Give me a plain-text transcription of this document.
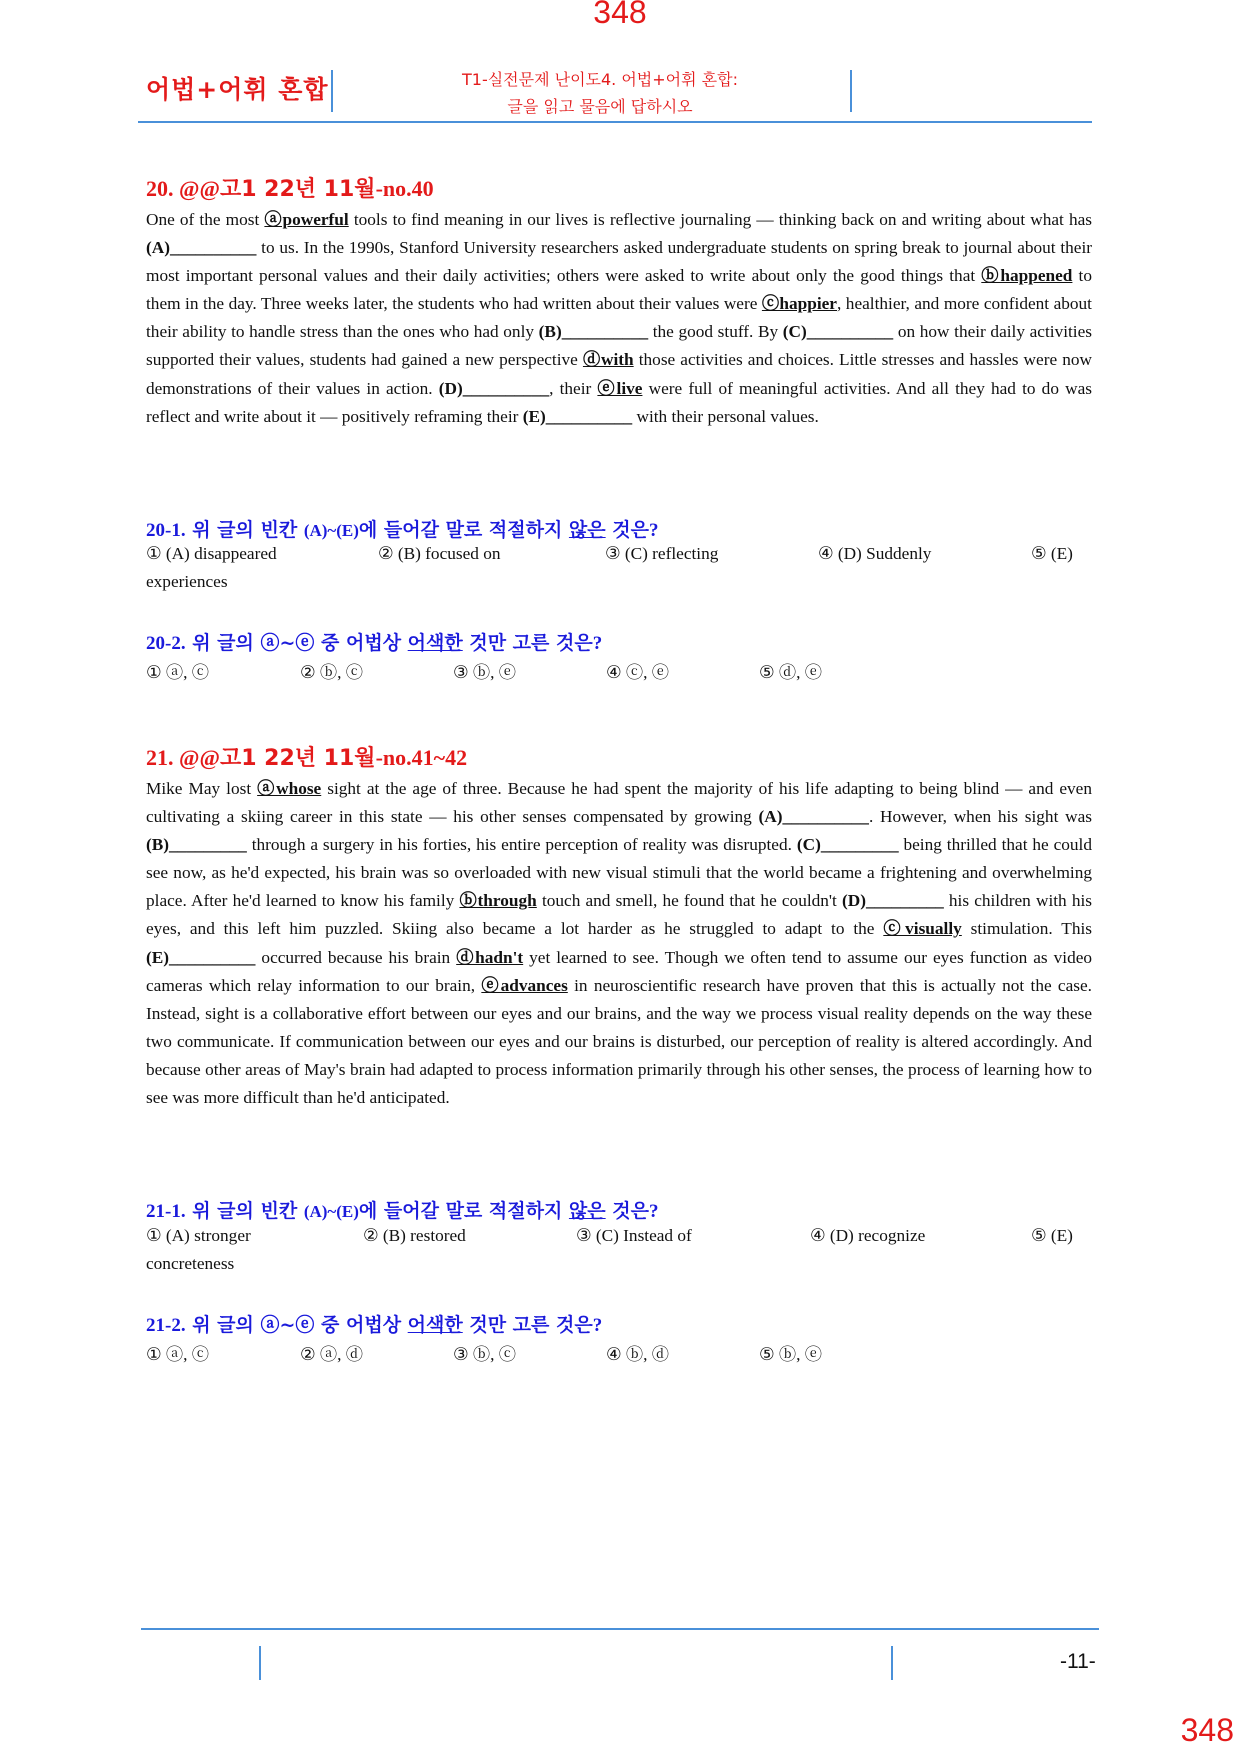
348
어법+어휘 혼합	T1-실전문제 난이도4. 어법+어휘 혼합:
글을 읽고 물음에 답하시오
20. @@고1 22년 11월-no.40
One of the most ⓐpowerful tools to find meaning in our lives is reflective journaling — thinking back on and writing about what has (A)__________ to us. In the 1990s, Stanford University researchers asked undergraduate students on spring break to journal about their most important personal values and their daily activities; others were asked to write about only the good things that ⓑhappened to them in the day. Three weeks later, the students who had written about their values were ⓒhappier, healthier, and more confident about their ability to handle stress than the ones who had only (B)__________ the good stuff. By (C)__________ on how their daily activities supported their values, students had gained a new perspective ⓓwith those activities and choices. Little stresses and hassles were now demonstrations of their values in action. (D)__________, their ⓔlive were full of meaningful activities. And all they had to do was reflect and write about it — positively reframing their (E)__________ with their personal values.
20-1. 위 글의 빈칸 (A)~(E)에 들어갈 말로 적절하지 않은 것은?
① (A) disappeared	② (B) focused on	③ (C) reflecting	④ (D) Suddenly	⑤ (E)
experiences
20-2. 위 글의 ⓐ~ⓔ 중 어법상 어색한 것만 고른 것은?
① ⓐ, ⓒ	② ⓑ, ⓒ	③ ⓑ, ⓔ	④ ⓒ, ⓔ	⑤ ⓓ, ⓔ
21. @@고1 22년 11월-no.41~42
Mike May lost ⓐwhose sight at the age of three. Because he had spent the majority of his life adapting to being blind — and even cultivating a skiing career in this state — his other senses compensated by growing (A)__________. However, when his sight was (B)_________ through a surgery in his forties, his entire perception of reality was disrupted. (C)_________ being thrilled that he could see now, as he'd expected, his brain was so overloaded with new visual stimuli that the world became a frightening and overwhelming place. After he'd learned to know his family ⓑthrough touch and smell, he found that he couldn't (D)_________ his children with his eyes, and this left him puzzled. Skiing also became a lot harder as he struggled to adapt to the ⓒvisually stimulation. This (E)__________ occurred because his brain ⓓhadn't yet learned to see. Though we often tend to assume our eyes function as video cameras which relay information to our brain, ⓔadvances in neuroscientific research have proven that this is actually not the case. Instead, sight is a collaborative effort between our eyes and our brains, and the way we process visual reality depends on the way these two communicate. If communication between our eyes and our brains is disturbed, our perception of reality is altered accordingly. And because other areas of May's brain had adapted to process information primarily through his other senses, the process of learning how to see was more difficult than he'd anticipated.
21-1. 위 글의 빈칸 (A)~(E)에 들어갈 말로 적절하지 않은 것은?
① (A) stronger	② (B) restored	③ (C) Instead of	④ (D) recognize	⑤ (E)
concreteness
21-2. 위 글의 ⓐ~ⓔ 중 어법상 어색한 것만 고른 것은?
① ⓐ, ⓒ	② ⓐ, ⓓ	③ ⓑ, ⓒ	④ ⓑ, ⓓ	⑤ ⓑ, ⓔ
-11-
348
